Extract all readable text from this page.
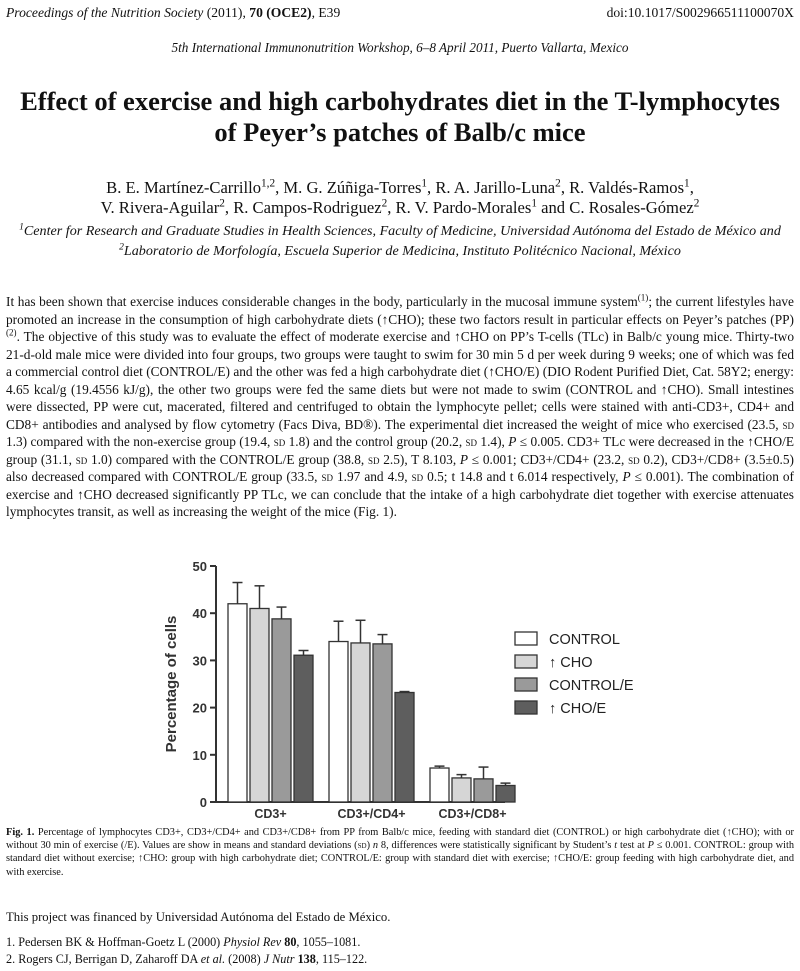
Proceedings of the Nutrition Society (2011), 70 (OCE2), E39	doi:10.1017/S002966511100070X
5th International Immunonutrition Workshop, 6–8 April 2011, Puerto Vallarta, Mexico
Effect of exercise and high carbohydrates diet in the T-lymphocytes
of Peyer’s patches of Balb/c mice
B. E. Martínez-Carrillo$^{1,2}$, M. G. Zúñiga-Torres$^1$, R. A. Jarillo-Luna$^2$, R. Valdés-Ramos$^1$,
V. Rivera-Aguilar$^2$, R. Campos-Rodriguez$^2$, R. V. Pardo-Morales$^1$ and C. Rosales-Gómez$^2$
$^1$Center for Research and Graduate Studies in Health Sciences, Faculty of Medicine, Universidad Autónoma del Estado de México and $^2$Laboratorio de Morfología, Escuela Superior de Medicina, Instituto Politécnico Nacional, México
It has been shown that exercise induces considerable changes in the body, particularly in the mucosal immune system$^{(1)}$; the current lifestyles have promoted an increase in the consumption of high carbohydrate diets (↑CHO); these two factors result in particular effects on Peyer’s patches (PP)$^{(2)}$. The objective of this study was to evaluate the effect of moderate exercise and ↑CHO on PP’s T-cells (TLc) in Balb/c young mice. Thirty-two 21-d-old male mice were divided into four groups, two groups were taught to swim for 30 min 5 d per week during 9 weeks; one of which was fed a commercial control diet (CONTROL/E) and the other was fed a high carbohydrate diet (↑CHO/E) (DIO Rodent Purified Diet, Cat. 58Y2; energy: 4.65 kcal/g (19.4556 kJ/g), the other two groups were fed the same diets but were not made to swim (CONTROL and ↑CHO). Small intestines were dissected, PP were cut, macerated, filtered and centrifuged to obtain the lymphocyte pellet; cells were stained with anti-CD3+, CD4+ and CD8+ antibodies and analysed by flow cytometry (Facs Diva, BD®). The experimental diet increased the weight of mice who exercised (23.5, sd 1.3) compared with the non-exercise group (19.4, sd 1.8) and the control group (20.2, sd 1.4), P ≤ 0.005. CD3+ TLc were decreased in the ↑CHO/E group (31.1, sd 1.0) compared with the CONTROL/E group (38.8, sd 2.5), T 8.103, P ≤ 0.001; CD3+/CD4+ (23.2, sd 0.2), CD3+/CD8+ (3.5±0.5) also decreased compared with CONTROL/E group (33.5, sd 1.97 and 4.9, sd 0.5; t 14.8 and t 6.014 respectively, P ≤ 0.001). The combination of exercise and ↑CHO decreased significantly PP TLc, we can conclude that the intake of a high carbohydrate diet together with exercise attenuates lymphocytes transit, as well as increasing the weight of the mice (Fig. 1).
0
10
20
30
40
50
Percentage of cells
CD3+	CD3+/CD4+	CD3+/CD8+
CONTROL
↑ CHO
CONTROL/E
↑ CHO/E
Fig. 1. Percentage of lymphocytes CD3+, CD3+/CD4+ and CD3+/CD8+ from PP from Balb/c mice, feeding with standard diet (CONTROL) or high carbohydrate diet (↑CHO); with or without 30 min of exercise (/E). Values are show in means and standard deviations (sd) n 8, differences were statistically significant by Student’s t test at P ≤ 0.001. CONTROL: group with standard diet without exercise; ↑CHO: group with high carbohydrate diet; CONTROL/E: group with standard diet with exercise; ↑CHO/E: group feeding with high carbohydrate diet, and with exercise.
This project was financed by Universidad Autónoma del Estado de México.
1. Pedersen BK & Hoffman-Goetz L (2000) Physiol Rev 80, 1055–1081.
2. Rogers CJ, Berrigan D, Zaharoff DA et al. (2008) J Nutr 138, 115–122.
